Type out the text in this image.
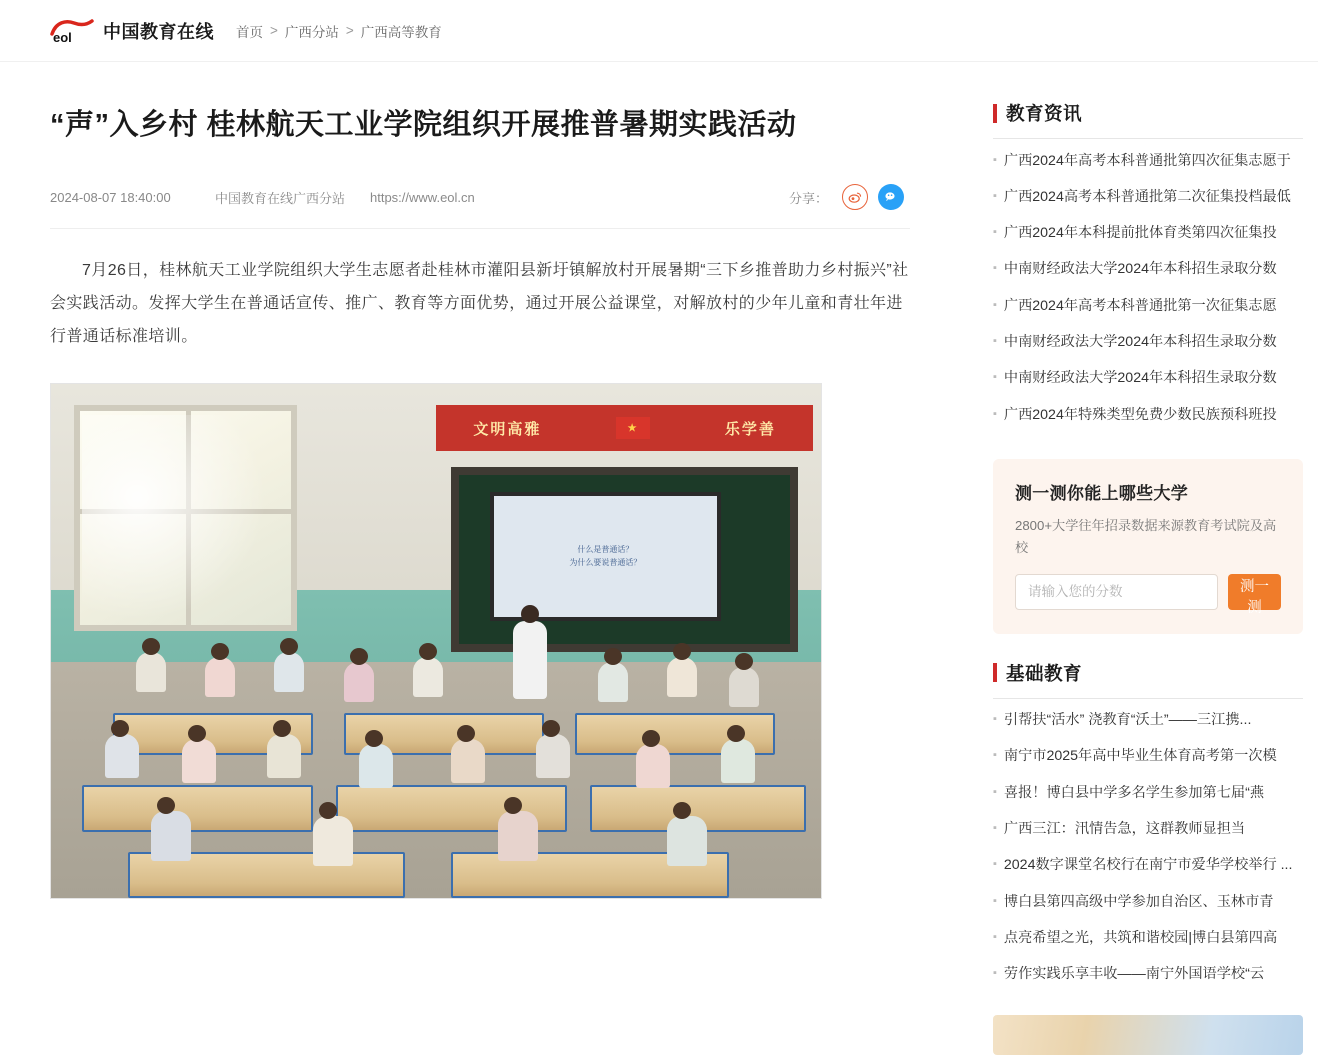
eol 中国教育在线 首页 > 广西分站 > 广西高等教育
“声”入乡村 桂林航天工业学院组织开展推普暑期实践活动
2024-08-07 18:40:00	中国教育在线广西分站	https://www.eol.cn	分享：

7月26日，桂林航天工业学院组织大学生志愿者赴桂林市灌阳县新圩镇解放村开展暑期“三下乡推普助力乡村振兴”社会实践活动。发挥大学生在普通话宣传、推广、教育等方面优势，通过开展公益课堂，对解放村的少年儿童和青壮年进行普通话标准培训。

文明高雅	★	乐学善
什么是普通话？
为什么要说普通话？
教育资讯
▪ 广西2024年高考本科普通批第四次征集志愿于
▪ 广西2024高考本科普通批第二次征集投档最低
▪ 广西2024年本科提前批体育类第四次征集投
▪ 中南财经政法大学2024年本科招生录取分数
▪ 广西2024年高考本科普通批第一次征集志愿
▪ 中南财经政法大学2024年本科招生录取分数
▪ 中南财经政法大学2024年本科招生录取分数
▪ 广西2024年特殊类型免费少数民族预科班投
测一测你能上哪些大学
2800+大学往年招录数据来源教育考试院及高校
请输入您的分数
测一测
基础教育
▪ 引帮扶“活水” 浇教育“沃土”——三江携...
▪ 南宁市2025年高中毕业生体育高考第一次模
▪ 喜报！博白县中学多名学生参加第七届“燕
▪ 广西三江：汛情告急，这群教师显担当
▪ 2024数字课堂名校行在南宁市爱华学校举行 ...
▪ 博白县第四高级中学参加自治区、玉林市青
▪ 点亮希望之光，共筑和谐校园|博白县第四高
▪ 劳作实践乐享丰收——南宁外国语学校“云
